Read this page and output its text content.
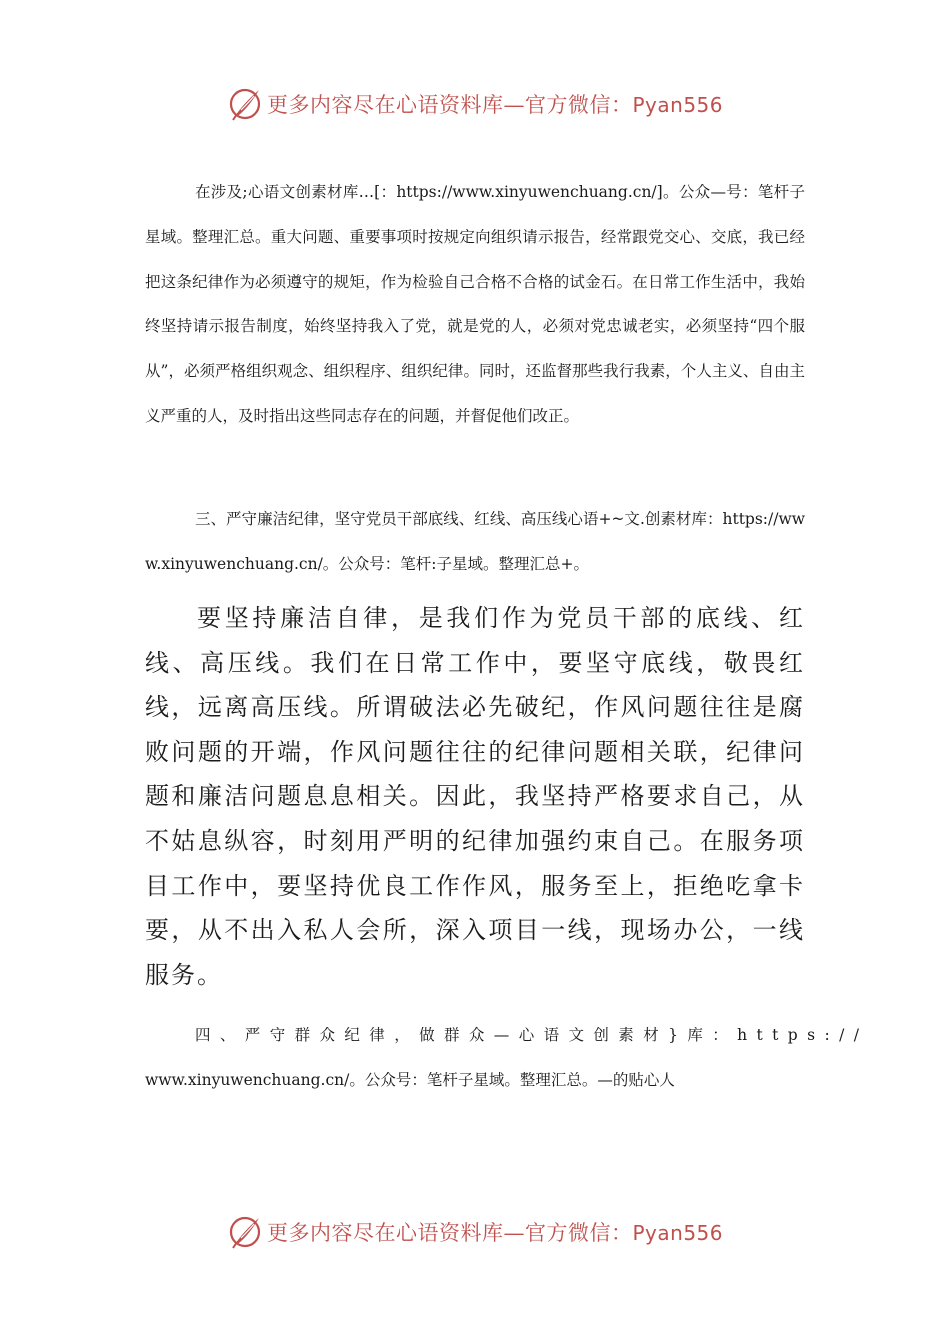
更多内容尽在心语资料库—官方微信：Pyan556

在涉及;心语文创素材库…[：https://www.xinyuwenchuang.cn/]。公众—号：笔杆子星域。整理汇总。重大问题、重要事项时按规定向组织请示报告，经常跟党交心、交底，我已经把这条纪律作为必须遵守的规矩，作为检验自己合格不合格的试金石。在日常工作生活中，我始终坚持请示报告制度，始终坚持我入了党，就是党的人，必须对党忠诚老实，必须坚持“四个服从”，必须严格组织观念、组织程序、组织纪律。同时，还监督那些我行我素，个人主义、自由主义严重的人，及时指出这些同志存在的问题，并督促他们改正。

三、严守廉洁纪律，坚守党员干部底线、红线、高压线心语+~文.创素材库：https://www.xinyuwenchuang.cn/。公众号：笔杆:子星域。整理汇总+。

要坚持廉洁自律，是我们作为党员干部的底线、红线、高压线。我们在日常工作中，要坚守底线，敬畏红线，远离高压线。所谓破法必先破纪，作风问题往往是腐败问题的开端，作风问题往往的纪律问题相关联，纪律问题和廉洁问题息息相关。因此，我坚持严格要求自己，从不姑息纵容，时刻用严明的纪律加强约束自己。在服务项目工作中，要坚持优良工作作风，服务至上，拒绝吃拿卡要，从不出入私人会所，深入项目一线，现场办公，一线服务。

四、严守群众纪律，做群众—心语文创素材}库：https://

www.xinyuwenchuang.cn/。公众号：笔杆子星域。整理汇总。—的贴心人

更多内容尽在心语资料库—官方微信：Pyan556
